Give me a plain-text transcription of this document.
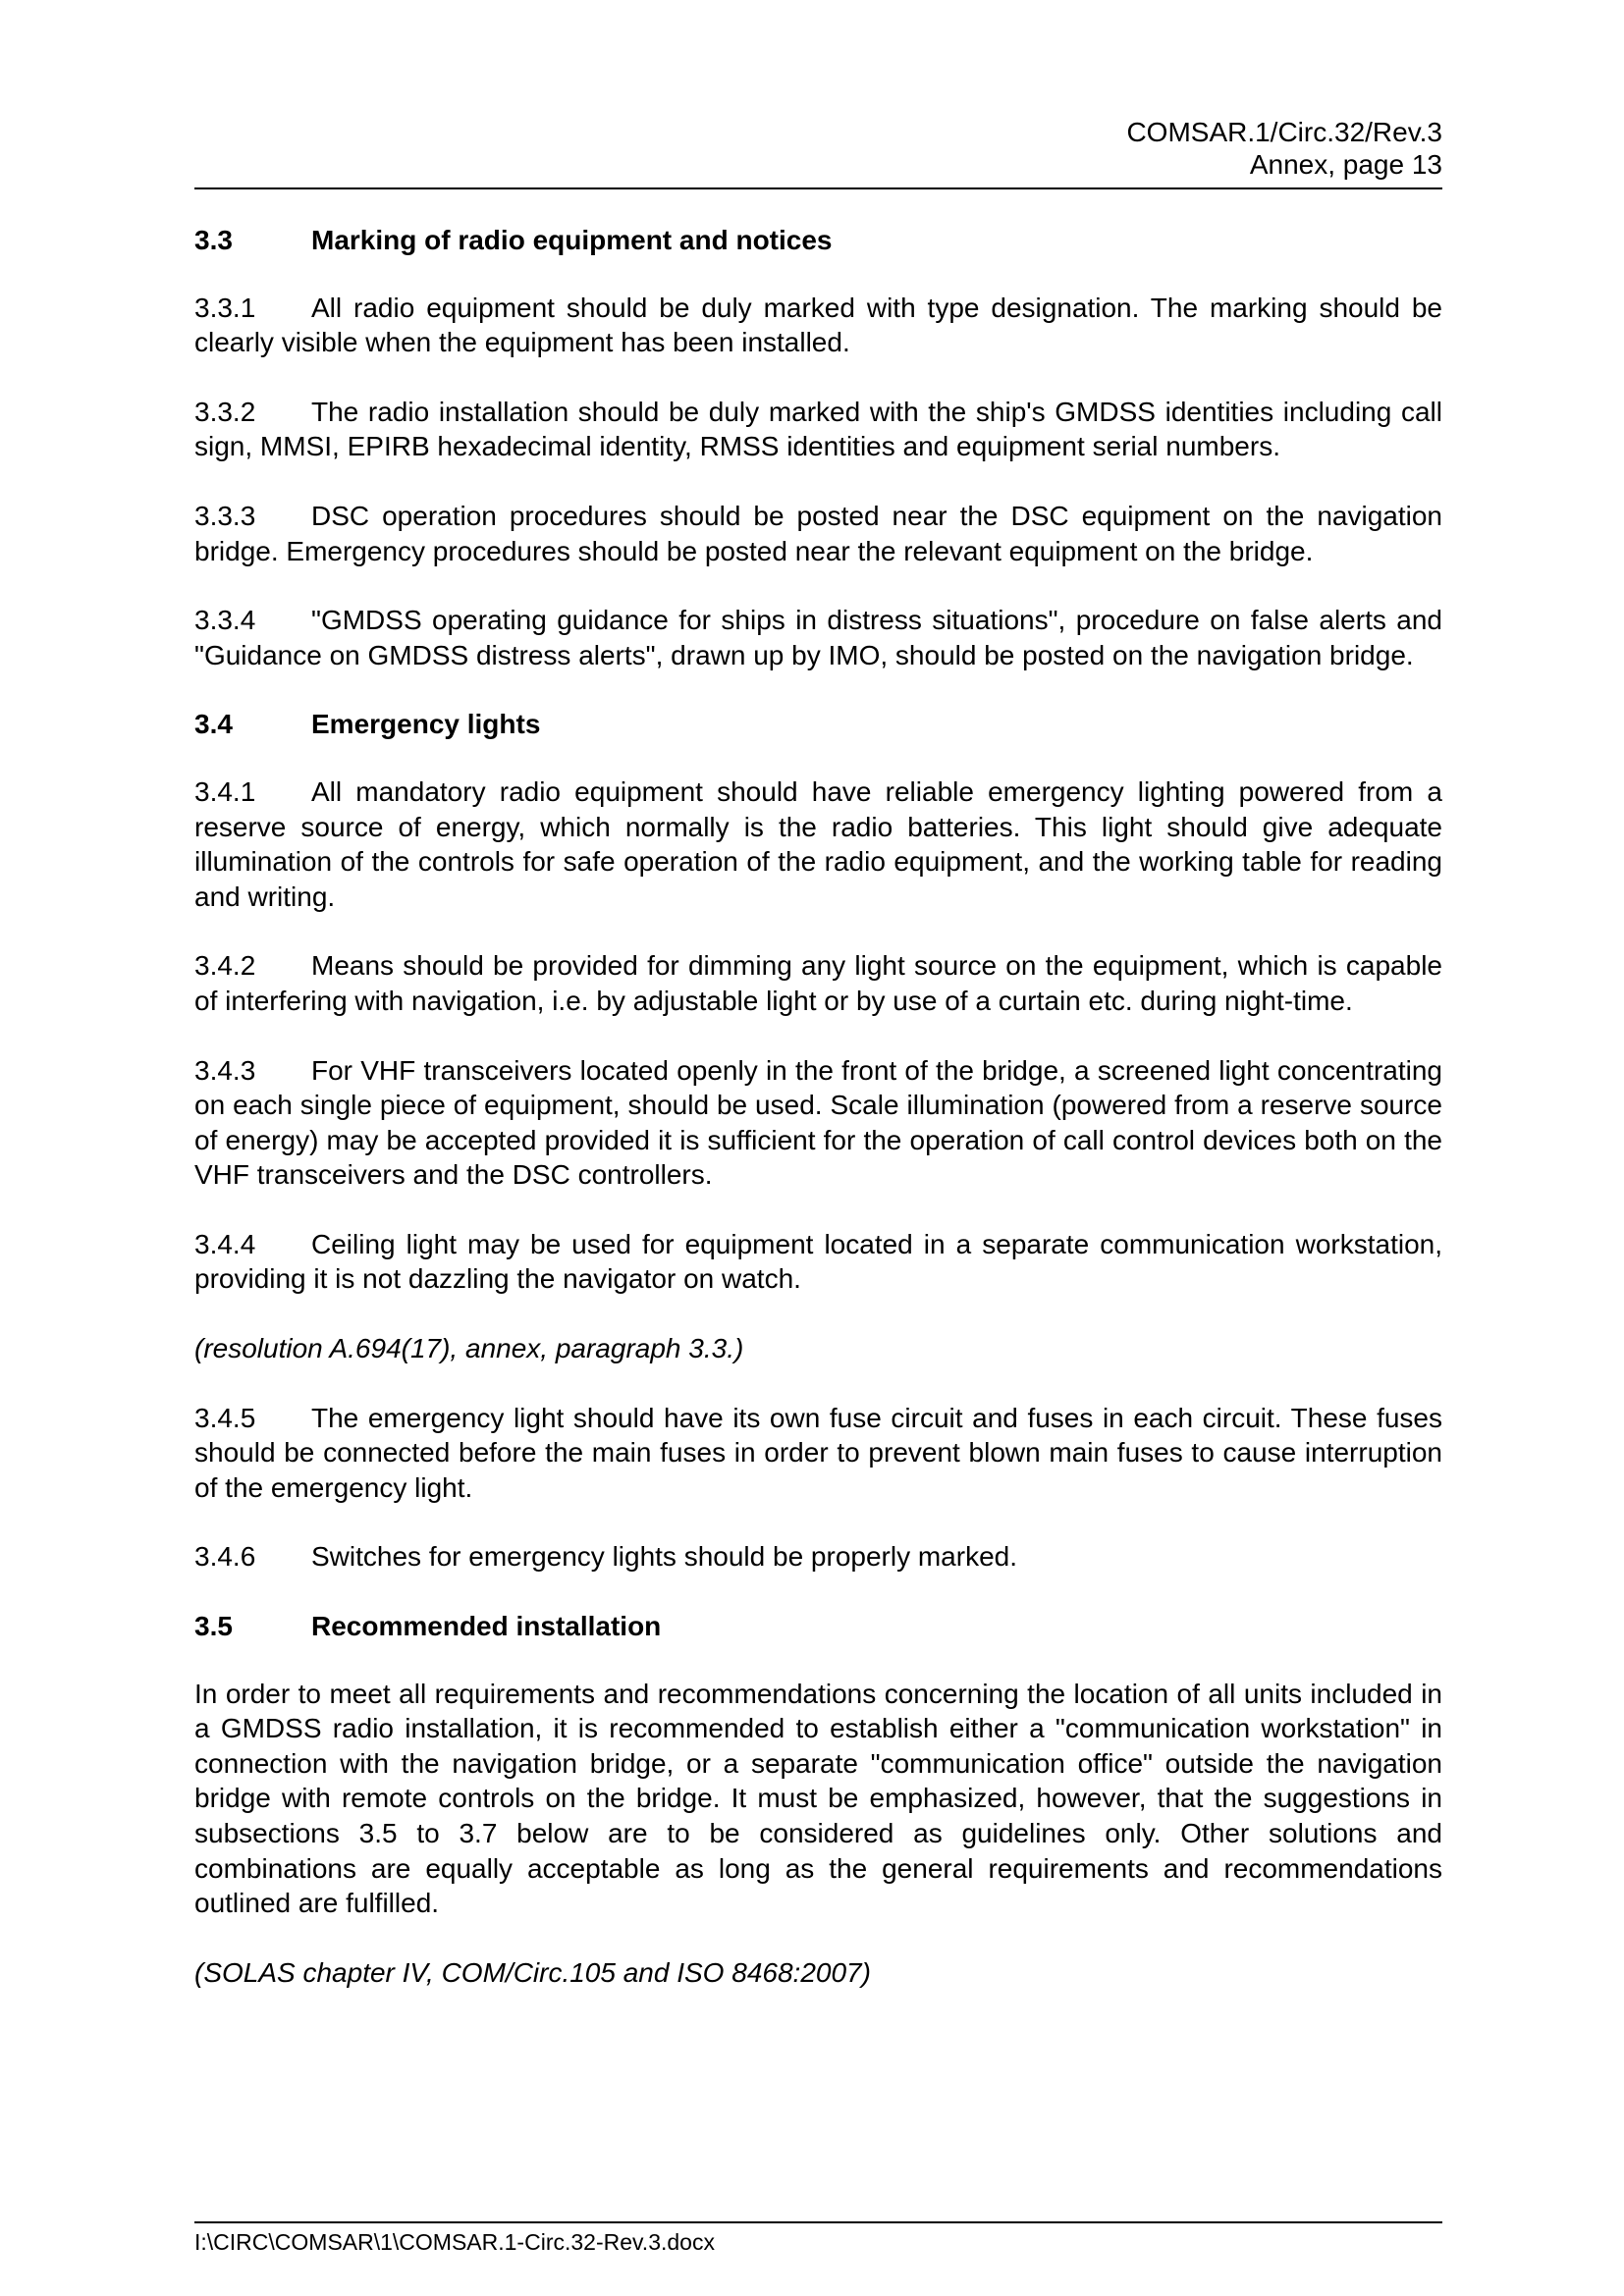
COMSAR.1/Circ.32/Rev.3
Annex, page 13

3.3	Marking of radio equipment and notices

3.3.1 All radio equipment should be duly marked with type designation. The marking should be clearly visible when the equipment has been installed.

3.3.2 The radio installation should be duly marked with the ship's GMDSS identities including call sign, MMSI, EPIRB hexadecimal identity, RMSS identities and equipment serial numbers.

3.3.3 DSC operation procedures should be posted near the DSC equipment on the navigation bridge. Emergency procedures should be posted near the relevant equipment on the bridge.

3.3.4 "GMDSS operating guidance for ships in distress situations", procedure on false alerts and "Guidance on GMDSS distress alerts", drawn up by IMO, should be posted on the navigation bridge.

3.4	Emergency lights

3.4.1 All mandatory radio equipment should have reliable emergency lighting powered from a reserve source of energy, which normally is the radio batteries. This light should give adequate illumination of the controls for safe operation of the radio equipment, and the working table for reading and writing.

3.4.2 Means should be provided for dimming any light source on the equipment, which is capable of interfering with navigation, i.e. by adjustable light or by use of a curtain etc. during night-time.

3.4.3 For VHF transceivers located openly in the front of the bridge, a screened light concentrating on each single piece of equipment, should be used. Scale illumination (powered from a reserve source of energy) may be accepted provided it is sufficient for the operation of call control devices both on the VHF transceivers and the DSC controllers.

3.4.4 Ceiling light may be used for equipment located in a separate communication workstation, providing it is not dazzling the navigator on watch.

(resolution A.694(17), annex, paragraph 3.3.)

3.4.5 The emergency light should have its own fuse circuit and fuses in each circuit. These fuses should be connected before the main fuses in order to prevent blown main fuses to cause interruption of the emergency light.

3.4.6 Switches for emergency lights should be properly marked.

3.5	Recommended installation

In order to meet all requirements and recommendations concerning the location of all units included in a GMDSS radio installation, it is recommended to establish either a "communication workstation" in connection with the navigation bridge, or a separate "communication office" outside the navigation bridge with remote controls on the bridge. It must be emphasized, however, that the suggestions in subsections 3.5 to 3.7 below are to be considered as guidelines only. Other solutions and combinations are equally acceptable as long as the general requirements and recommendations outlined are fulfilled.

(SOLAS chapter IV, COM/Circ.105 and ISO 8468:2007)

I:\CIRC\COMSAR\1\COMSAR.1-Circ.32-Rev.3.docx
